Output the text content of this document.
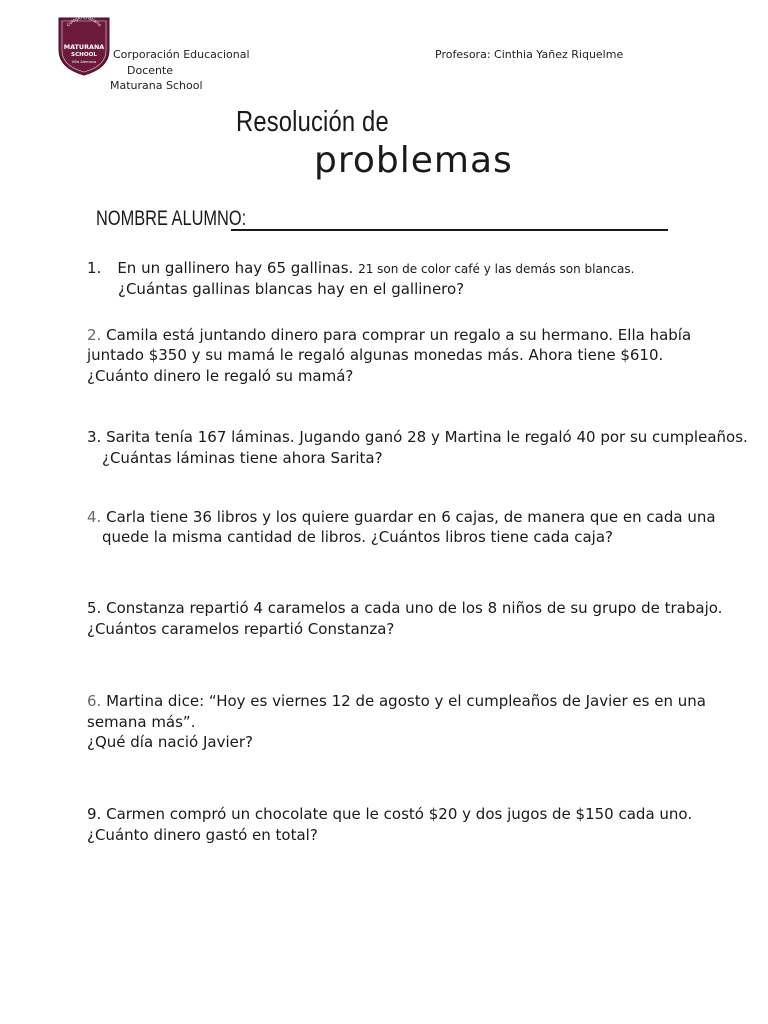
Colegio Cristiano
MATURANA
SCHOOL
Villa Alemana
Corporación Educacional
Docente
Maturana School
Profesora: Cinthia Yañez Riquelme
Resolución de
problemas
NOMBRE ALUMNO:
1. En un gallinero hay 65 gallinas. 21 son de color café y las demás son blancas.
¿Cuántas gallinas blancas hay en el gallinero?
2. Camila está juntando dinero para comprar un regalo a su hermano. Ella había
juntado $350 y su mamá le regaló algunas monedas más. Ahora tiene $610.
¿Cuánto dinero le regaló su mamá?
3. Sarita tenía 167 láminas. Jugando ganó 28 y Martina le regaló 40 por su cumpleaños.
¿Cuántas láminas tiene ahora Sarita?
4. Carla tiene 36 libros y los quiere guardar en 6 cajas, de manera que en cada una
quede la misma cantidad de libros. ¿Cuántos libros tiene cada caja?
5. Constanza repartió 4 caramelos a cada uno de los 8 niños de su grupo de trabajo.
¿Cuántos caramelos repartió Constanza?
6. Martina dice: “Hoy es viernes 12 de agosto y el cumpleaños de Javier es en una
semana más”.
¿Qué día nació Javier?
9. Carmen compró un chocolate que le costó $20 y dos jugos de $150 cada uno.
¿Cuánto dinero gastó en total?
